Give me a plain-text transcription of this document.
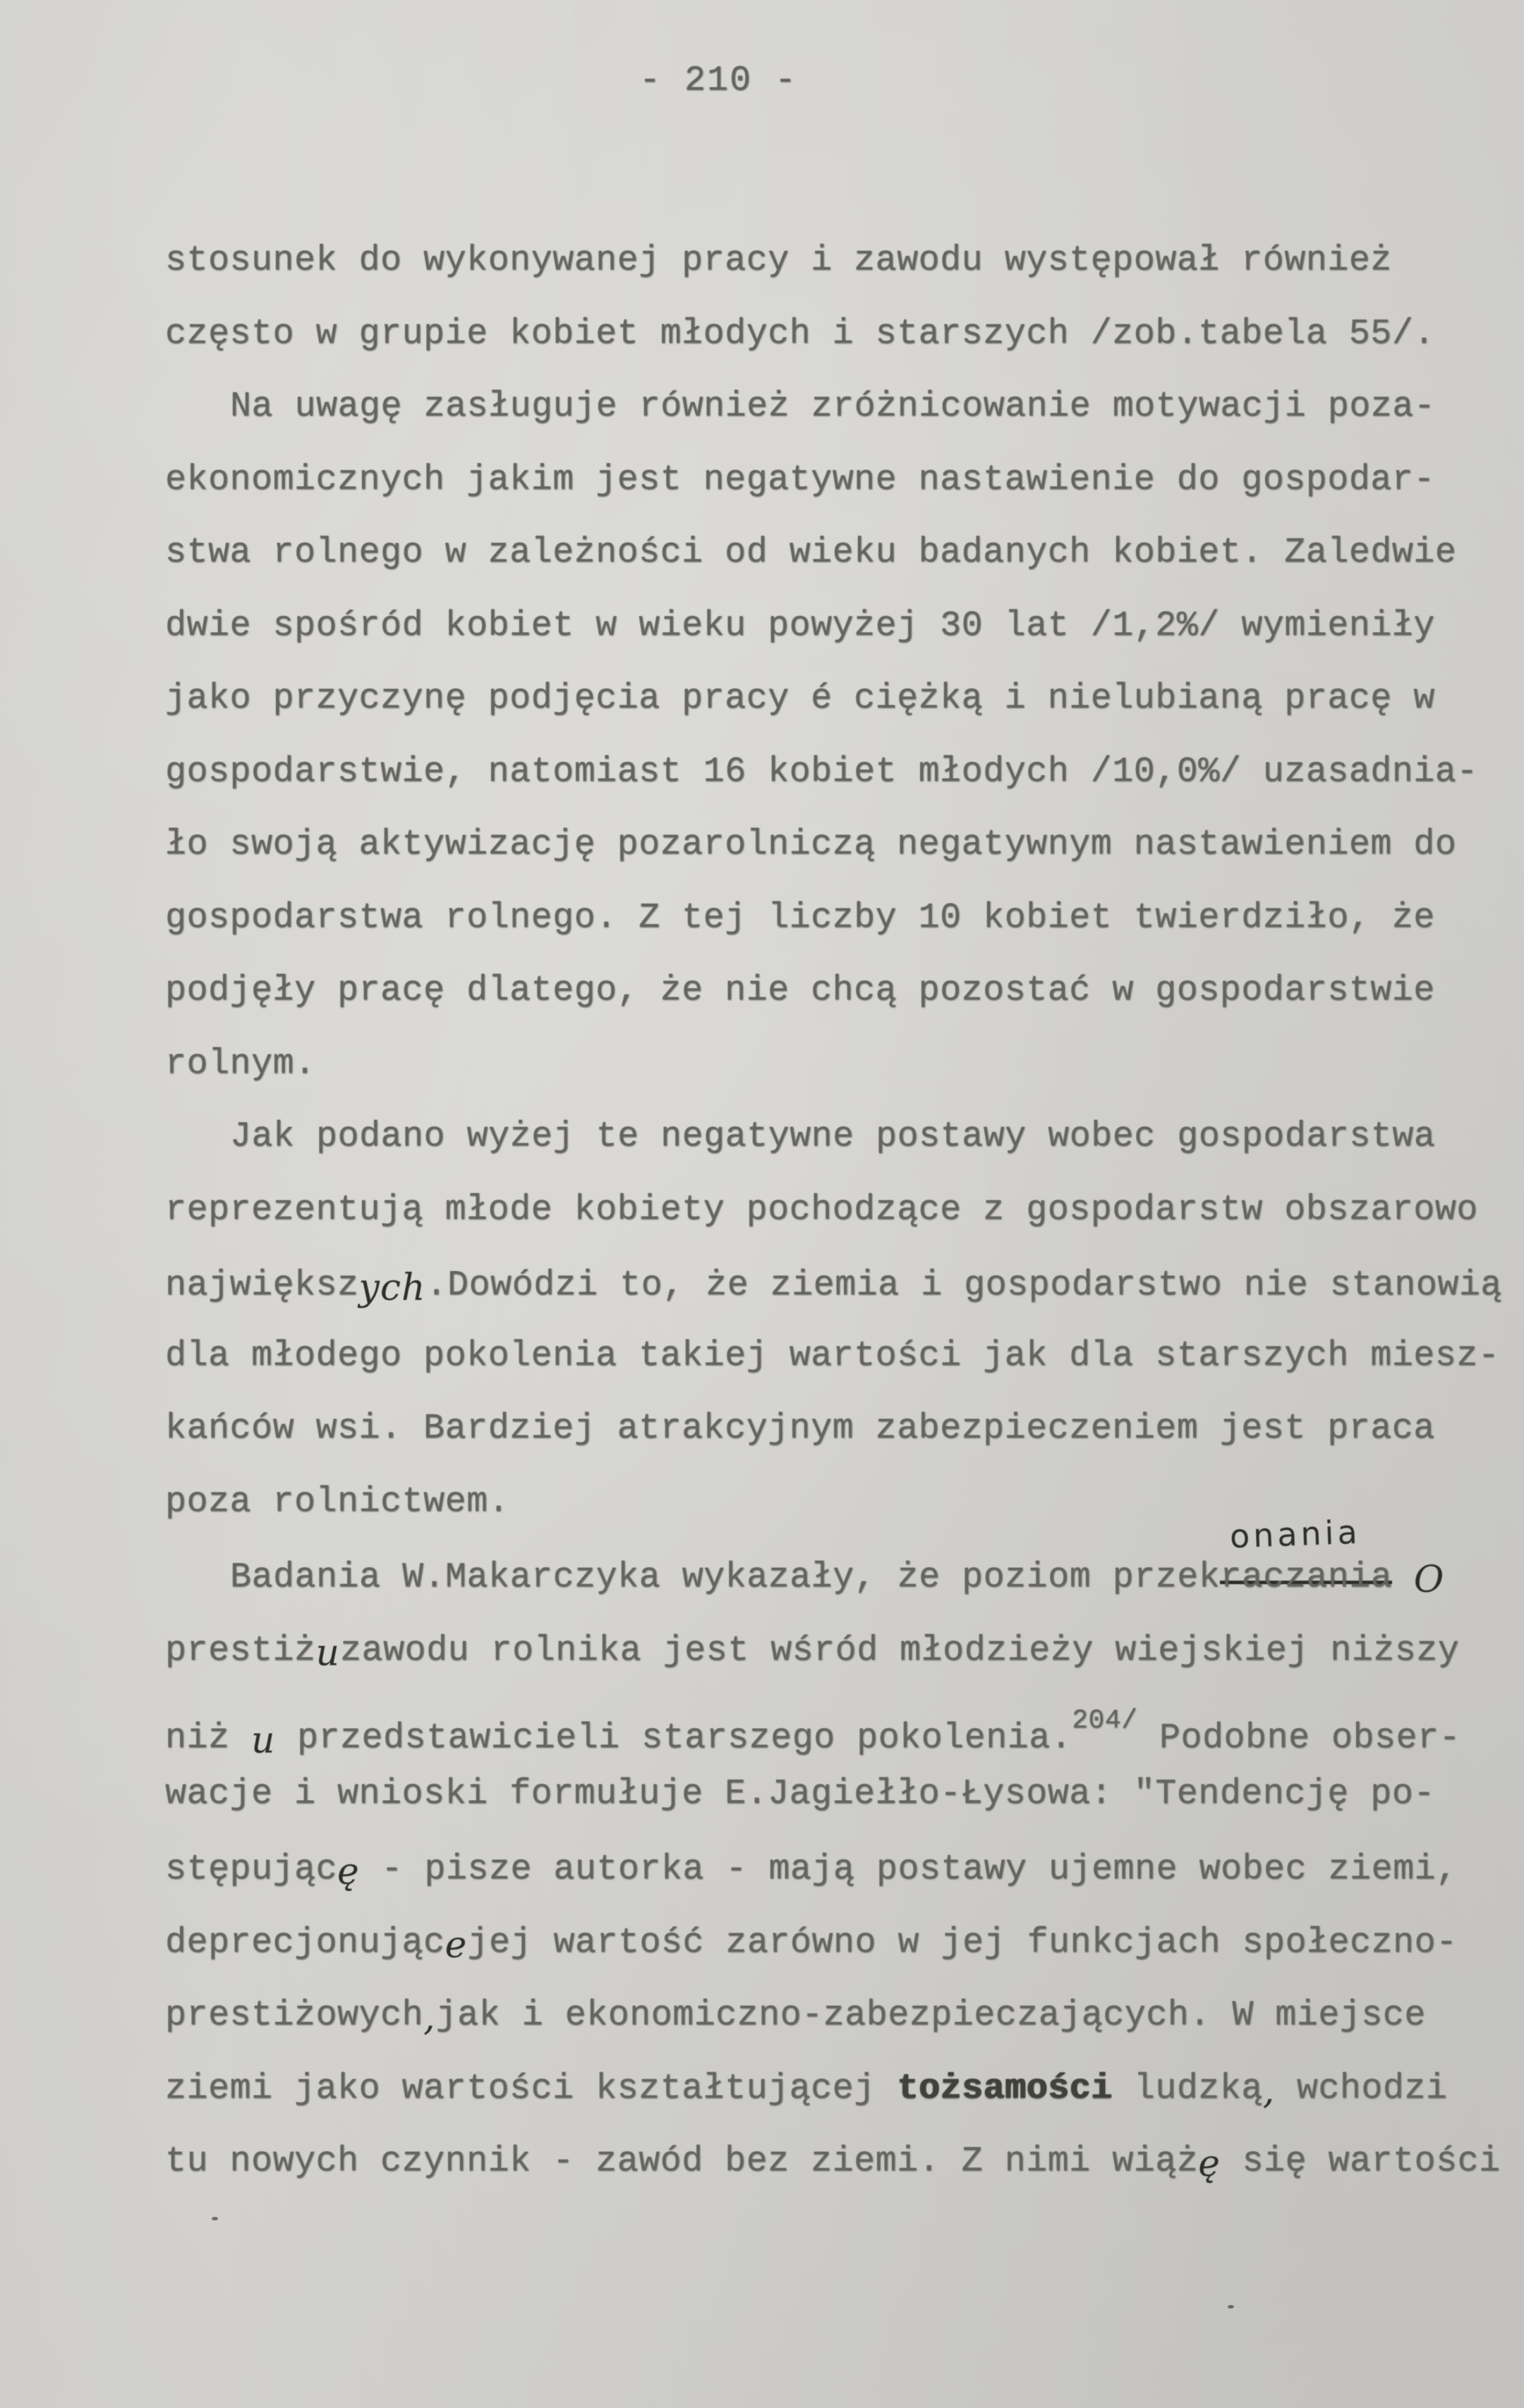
- 210 -
stosunek do wykonywanej pracy i zawodu występował również
często w grupie kobiet młodych i starszych /zob.tabela 55/.
Na uwagę zasługuje również zróżnicowanie motywacji poza-
ekonomicznych jakim jest negatywne nastawienie do gospodar-
stwa rolnego w zależności od wieku badanych kobiet. Zaledwie
dwie spośród kobiet w wieku powyżej 30 lat /1,2%/ wymieniły
jako przyczynę podjęcia pracy é ciężką i nielubianą pracę w
gospodarstwie, natomiast 16 kobiet młodych /10,0%/ uzasadnia-
ło swoją aktywizację pozarolniczą negatywnym nastawieniem do
gospodarstwa rolnego. Z tej liczby 10 kobiet twierdziło, że
podjęły pracę dlatego, że nie chcą pozostać w gospodarstwie
rolnym.
Jak podano wyżej te negatywne postawy wobec gospodarstwa
reprezentują młode kobiety pochodzące z gospodarstw obszarowo
największych.Dowódzi to, że ziemia i gospodarstwo nie stanowią
dla młodego pokolenia takiej wartości jak dla starszych miesz-
kańców wsi. Bardziej atrakcyjnym zabezpieczeniem jest praca
poza rolnictwem.
Badania W.Makarczyka wykazały, że poziom przekraczania
onania
O
prestiżuzawodu rolnika jest wśród młodzieży wiejskiej niższy
niż u przedstawicieli starszego pokolenia.$^{204/}$ Podobne obser-
wacje i wnioski formułuje E.Jagiełło-Łysowa: "Tendencję po-
stępującę - pisze autorka - mają postawy ujemne wobec ziemi,
deprecjonującejej wartość zarówno w jej funkcjach społeczno-
prestiżowych,jak i ekonomiczno-zabezpieczających. W miejsce
ziemi jako wartości kształtującej tożsamości ludzką, wchodzi
tu nowych czynnik - zawód bez ziemi. Z nimi wiążę się wartości
